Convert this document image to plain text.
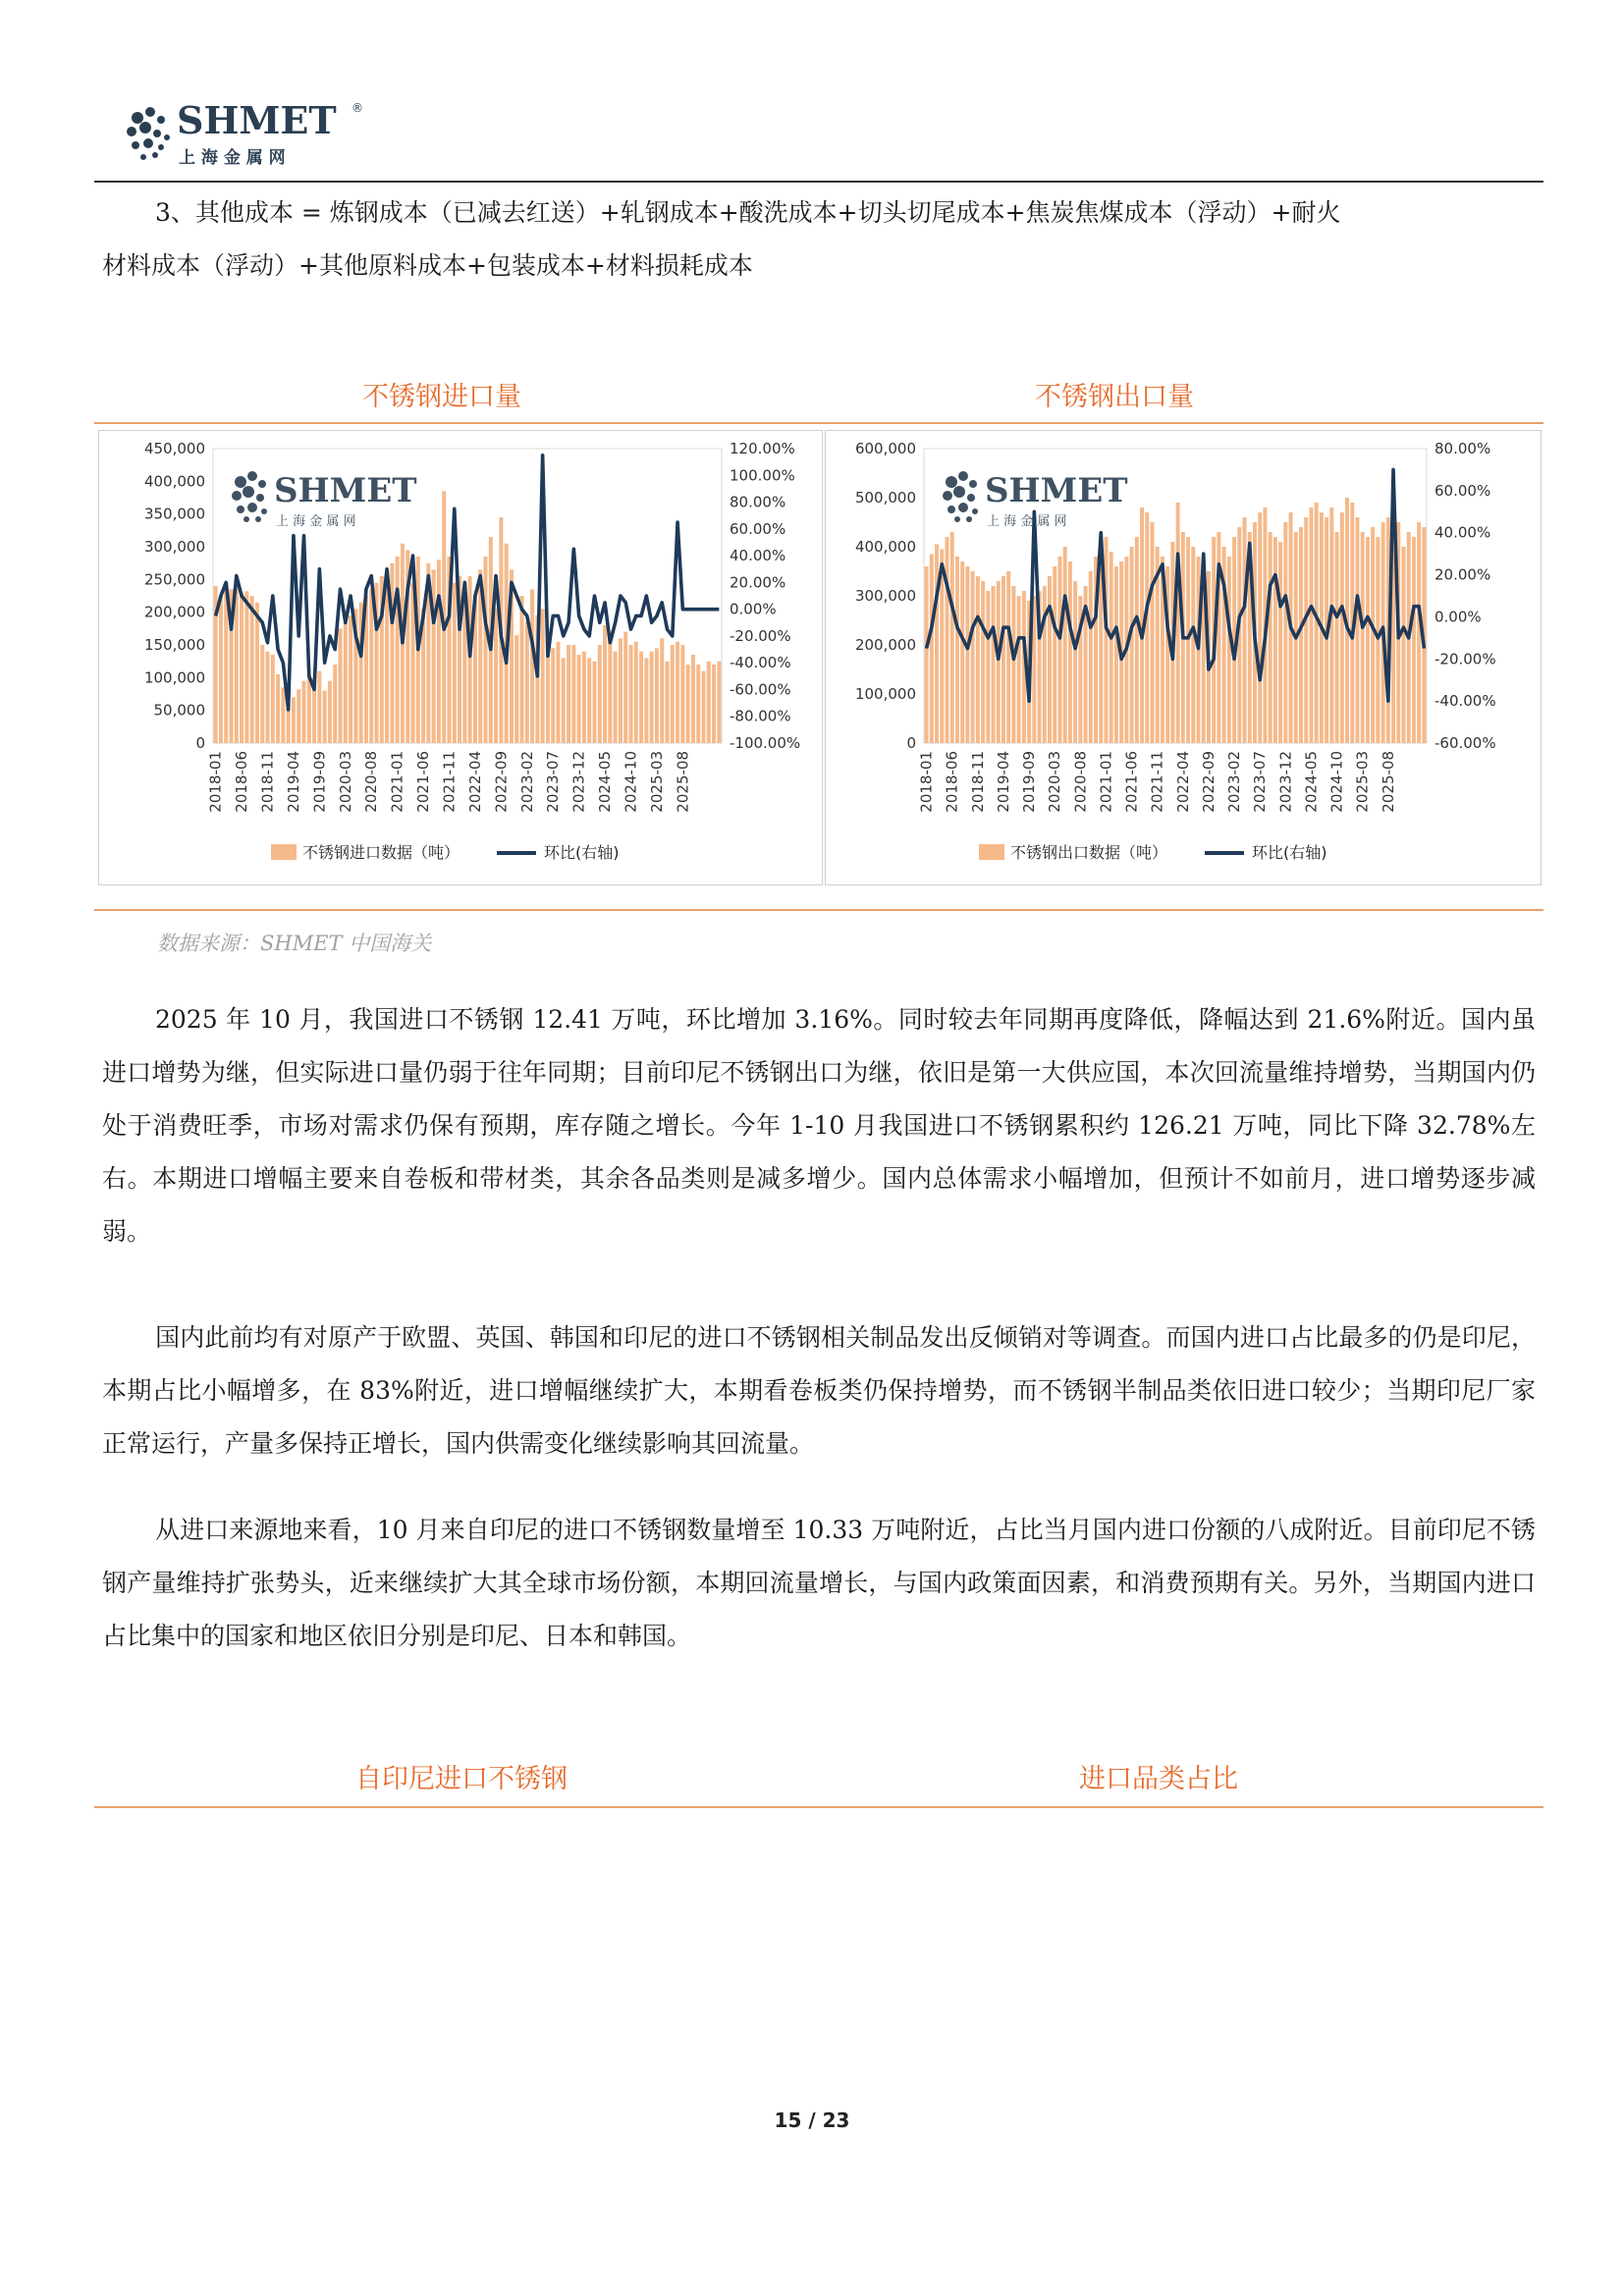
SHMET ®
上 海 金 属 网

3、其他成本 = 炼钢成本（已减去红送）+轧钢成本+酸洗成本+切头切尾成本+焦炭焦煤成本（浮动）+耐火
材料成本（浮动）+其他原料成本+包装成本+材料损耗成本

不锈钢进口量	不锈钢出口量
0
50,000
100,000
150,000
200,000
250,000
300,000
350,000
400,000
450,000
-100.00%
-80.00%
-60.00%
-40.00%
-20.00%
0.00%
20.00%
40.00%
60.00%
80.00%
100.00%
120.00%
SHMET
上 海 金 属 网
2018-01 2018-06 2018-11 2019-04 2019-09 2020-03 2020-08 2021-01 2021-06 2021-11 2022-04 2022-09 2023-02 2023-07 2023-12 2024-05 2024-10 2025-03 2025-08
不锈钢进口数据（吨）	环比(右轴)
0
100,000
200,000
300,000
400,000
500,000
600,000
-60.00%
-40.00%
-20.00%
0.00%
20.00%
40.00%
60.00%
80.00%
SHMET
上 海 金 属 网
2018-01 2018-06 2018-11 2019-04 2019-09 2020-03 2020-08 2021-01 2021-06 2021-11 2022-04 2022-09 2023-02 2023-07 2023-12 2024-05 2024-10 2025-03 2025-08
不锈钢出口数据（吨）	环比(右轴)
数据来源：SHMET 中国海关

2025 年 10 月，我国进口不锈钢 12.41 万吨，环比增加 3.16%。同时较去年同期再度降低，降幅达到 21.6%附近。国内虽进口增势为继，但实际进口量仍弱于往年同期；目前印尼不锈钢出口为继，依旧是第一大供应国，本次回流量维持增势，当期国内仍处于消费旺季，市场对需求仍保有预期，库存随之增长。今年 1-10 月我国进口不锈钢累积约 126.21 万吨，同比下降 32.78%左右。本期进口增幅主要来自卷板和带材类，其余各品类则是减多增少。国内总体需求小幅增加，但预计不如前月，进口增势逐步减弱。

国内此前均有对原产于欧盟、英国、韩国和印尼的进口不锈钢相关制品发出反倾销对等调查。而国内进口占比最多的仍是印尼，本期占比小幅增多，在 83%附近，进口增幅继续扩大，本期看卷板类仍保持增势，而不锈钢半制品类依旧进口较少；当期印尼厂家正常运行，产量多保持正增长，国内供需变化继续影响其回流量。

从进口来源地来看，10 月来自印尼的进口不锈钢数量增至 10.33 万吨附近，占比当月国内进口份额的八成附近。目前印尼不锈钢产量维持扩张势头，近来继续扩大其全球市场份额，本期回流量增长，与国内政策面因素，和消费预期有关。另外，当期国内进口占比集中的国家和地区依旧分别是印尼、日本和韩国。

自印尼进口不锈钢	进口品类占比
15 / 23
